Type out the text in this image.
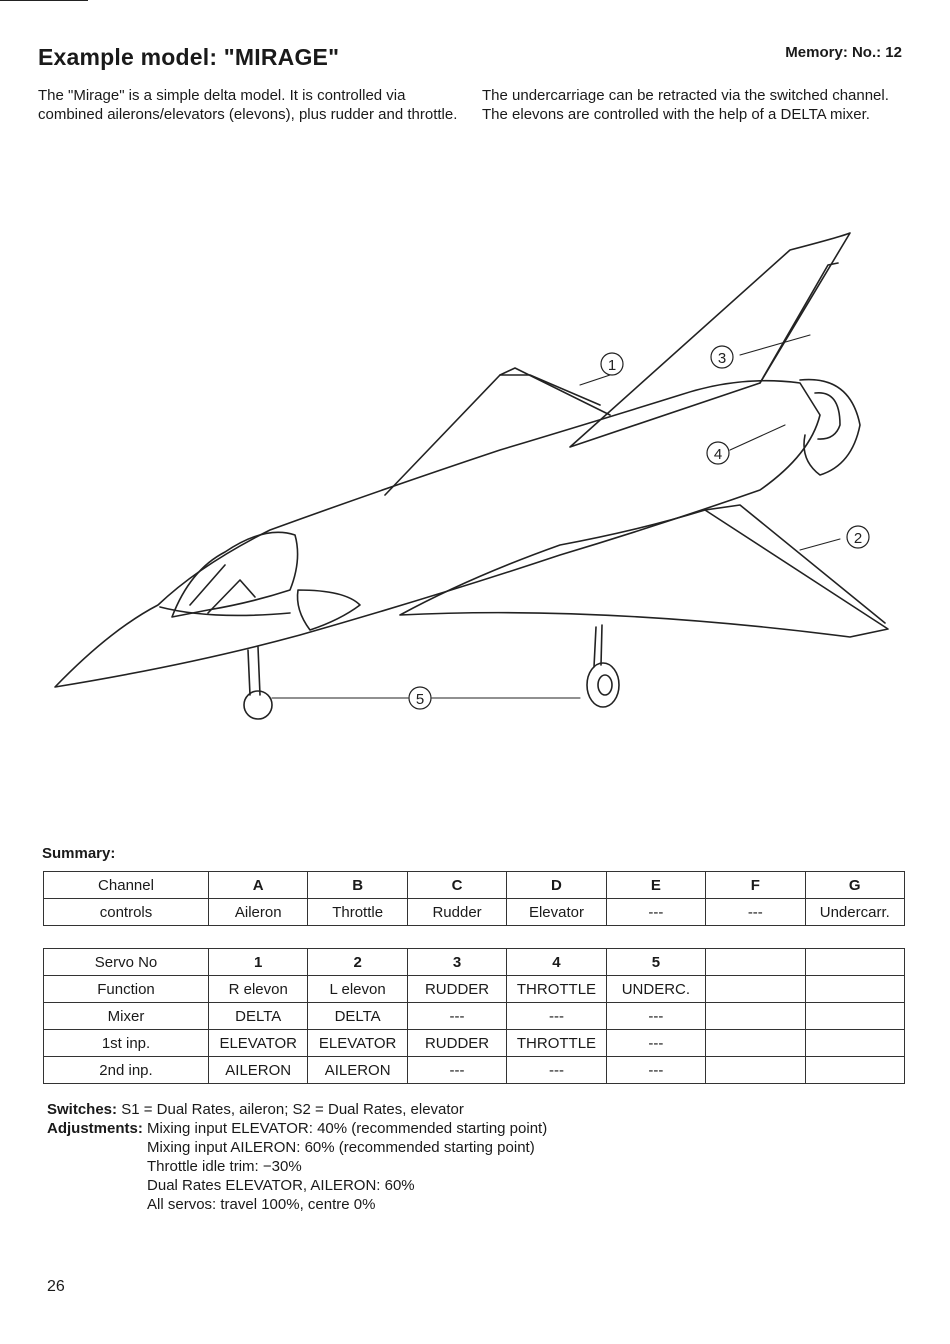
Example model: "MIRAGE"	Memory: No.: 12
The "Mirage" is a simple delta model. It is controlled via combined ailerons/elevators (elevons), plus rudder and throttle.
The undercarriage can be retracted via the switched channel. The elevons are controlled with the help of a DELTA mixer.
1
2
3
4
5
Summary:
Channel	A	B	C	D	E	F	G
controls	Aileron	Throttle	Rudder	Elevator	---	---	Undercarr.
Servo No	1	2	3	4	5		
Function	R elevon	L elevon	RUDDER	THROTTLE	UNDERC.		
Mixer	DELTA	DELTA	---	---	---		
1st inp.	ELEVATOR	ELEVATOR	RUDDER	THROTTLE	---		
2nd inp.	AILERON	AILERON	---	---	---		
Switches:
S1 = Dual Rates, aileron; S2 = Dual Rates, elevator
Adjustments:
Mixing input ELEVATOR: 40% (recommended starting point)
Mixing input AILERON: 60% (recommended starting point)
Throttle idle trim: −30%
Dual Rates ELEVATOR, AILERON: 60%
All servos: travel 100%, centre 0%
26
